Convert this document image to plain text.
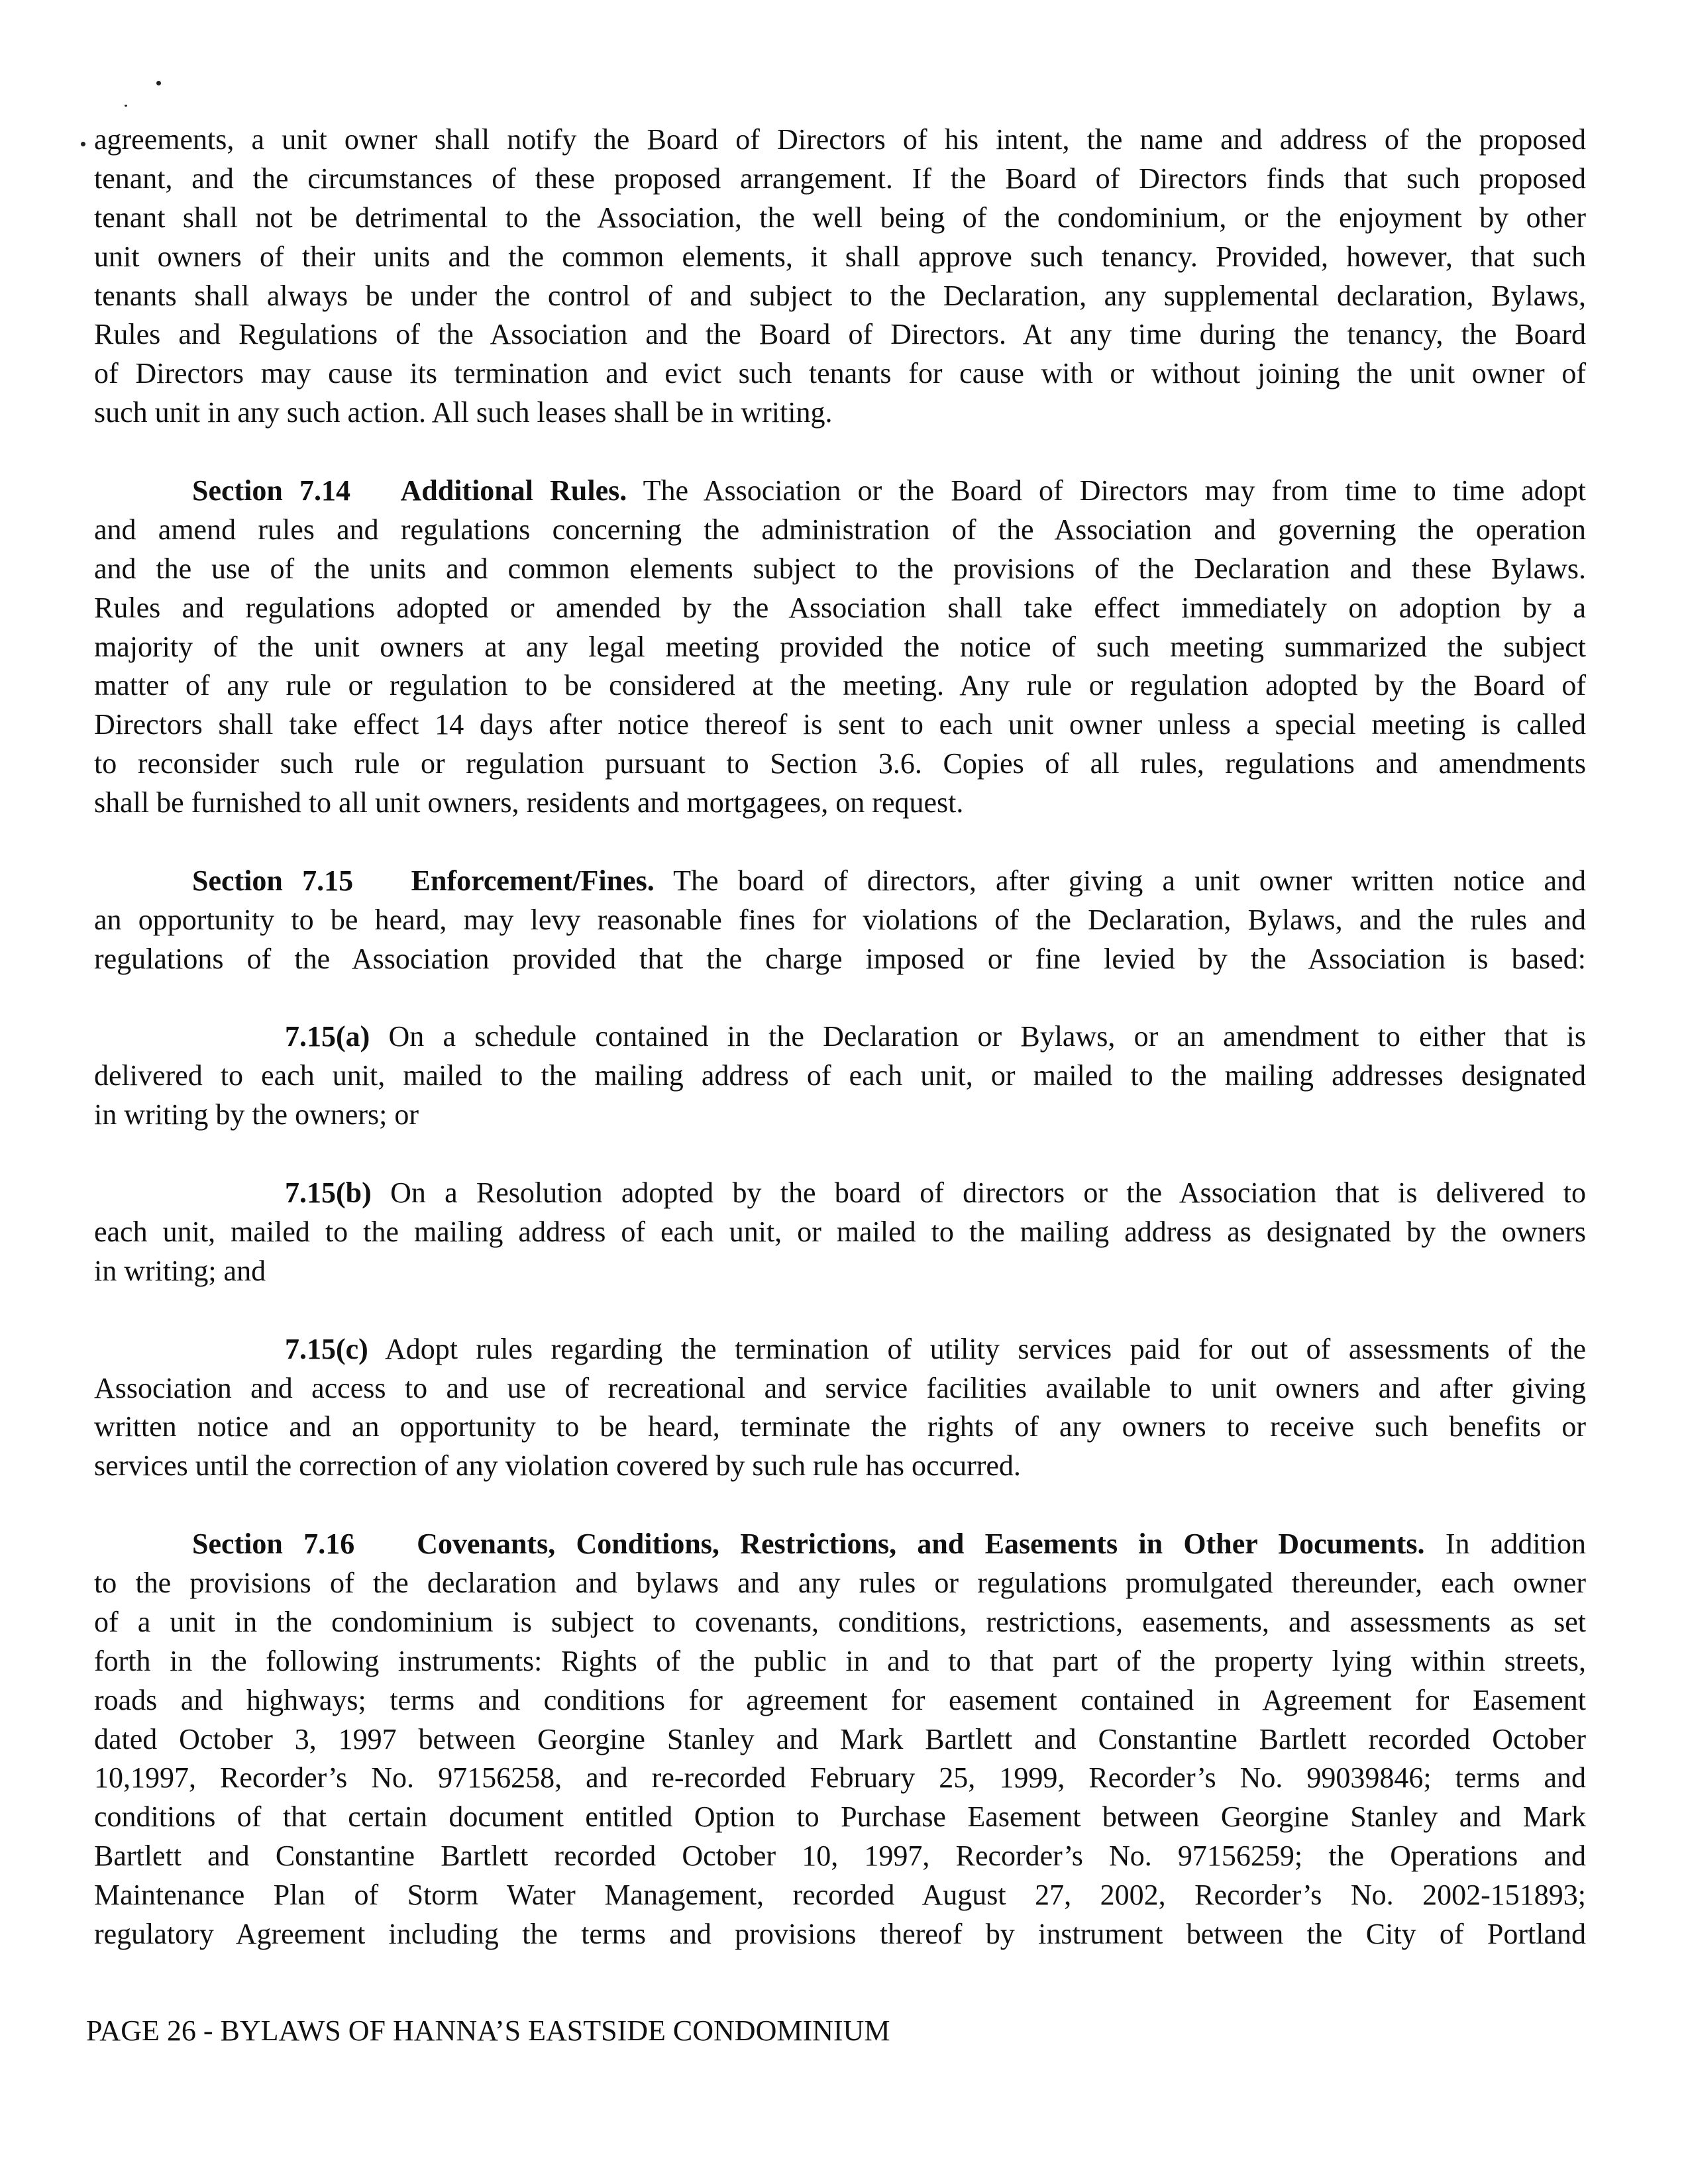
agreements, a unit owner shall notify the Board of Directors of his intent, the name and address of the proposed
tenant, and the circumstances of these proposed arrangement. If the Board of Directors finds that such proposed
tenant shall not be detrimental to the Association, the well being of the condominium, or the enjoyment by other
unit owners of their units and the common elements, it shall approve such tenancy. Provided, however, that such
tenants shall always be under the control of and subject to the Declaration, any supplemental declaration, Bylaws,
Rules and Regulations of the Association and the Board of Directors. At any time during the tenancy, the Board
of Directors may cause its termination and evict such tenants for cause with or without joining the unit owner of
such unit in any such action. All such leases shall be in writing.
Section 7.14 Additional Rules. The Association or the Board of Directors may from time to time adopt
and amend rules and regulations concerning the administration of the Association and governing the operation
and the use of the units and common elements subject to the provisions of the Declaration and these Bylaws.
Rules and regulations adopted or amended by the Association shall take effect immediately on adoption by a
majority of the unit owners at any legal meeting provided the notice of such meeting summarized the subject
matter of any rule or regulation to be considered at the meeting. Any rule or regulation adopted by the Board of
Directors shall take effect 14 days after notice thereof is sent to each unit owner unless a special meeting is called
to reconsider such rule or regulation pursuant to Section 3.6. Copies of all rules, regulations and amendments
shall be furnished to all unit owners, residents and mortgagees, on request.
Section 7.15 Enforcement/Fines. The board of directors, after giving a unit owner written notice and
an opportunity to be heard, may levy reasonable fines for violations of the Declaration, Bylaws, and the rules and
regulations of the Association provided that the charge imposed or fine levied by the Association is based:
7.15(a) On a schedule contained in the Declaration or Bylaws, or an amendment to either that is
delivered to each unit, mailed to the mailing address of each unit, or mailed to the mailing addresses designated
in writing by the owners; or
7.15(b) On a Resolution adopted by the board of directors or the Association that is delivered to
each unit, mailed to the mailing address of each unit, or mailed to the mailing address as designated by the owners
in writing; and
7.15(c) Adopt rules regarding the termination of utility services paid for out of assessments of the
Association and access to and use of recreational and service facilities available to unit owners and after giving
written notice and an opportunity to be heard, terminate the rights of any owners to receive such benefits or
services until the correction of any violation covered by such rule has occurred.
Section 7.16 Covenants, Conditions, Restrictions, and Easements in Other Documents. In addition
to the provisions of the declaration and bylaws and any rules or regulations promulgated thereunder, each owner
of a unit in the condominium is subject to covenants, conditions, restrictions, easements, and assessments as set
forth in the following instruments: Rights of the public in and to that part of the property lying within streets,
roads and highways; terms and conditions for agreement for easement contained in Agreement for Easement
dated October 3, 1997 between Georgine Stanley and Mark Bartlett and Constantine Bartlett recorded October
10,1997, Recorder’s No. 97156258, and re-recorded February 25, 1999, Recorder’s No. 99039846; terms and
conditions of that certain document entitled Option to Purchase Easement between Georgine Stanley and Mark
Bartlett and Constantine Bartlett recorded October 10, 1997, Recorder’s No. 97156259; the Operations and
Maintenance Plan of Storm Water Management, recorded August 27, 2002, Recorder’s No. 2002-151893;
regulatory Agreement including the terms and provisions thereof by instrument between the City of Portland
PAGE 26 - BYLAWS OF HANNA’S EASTSIDE CONDOMINIUM
